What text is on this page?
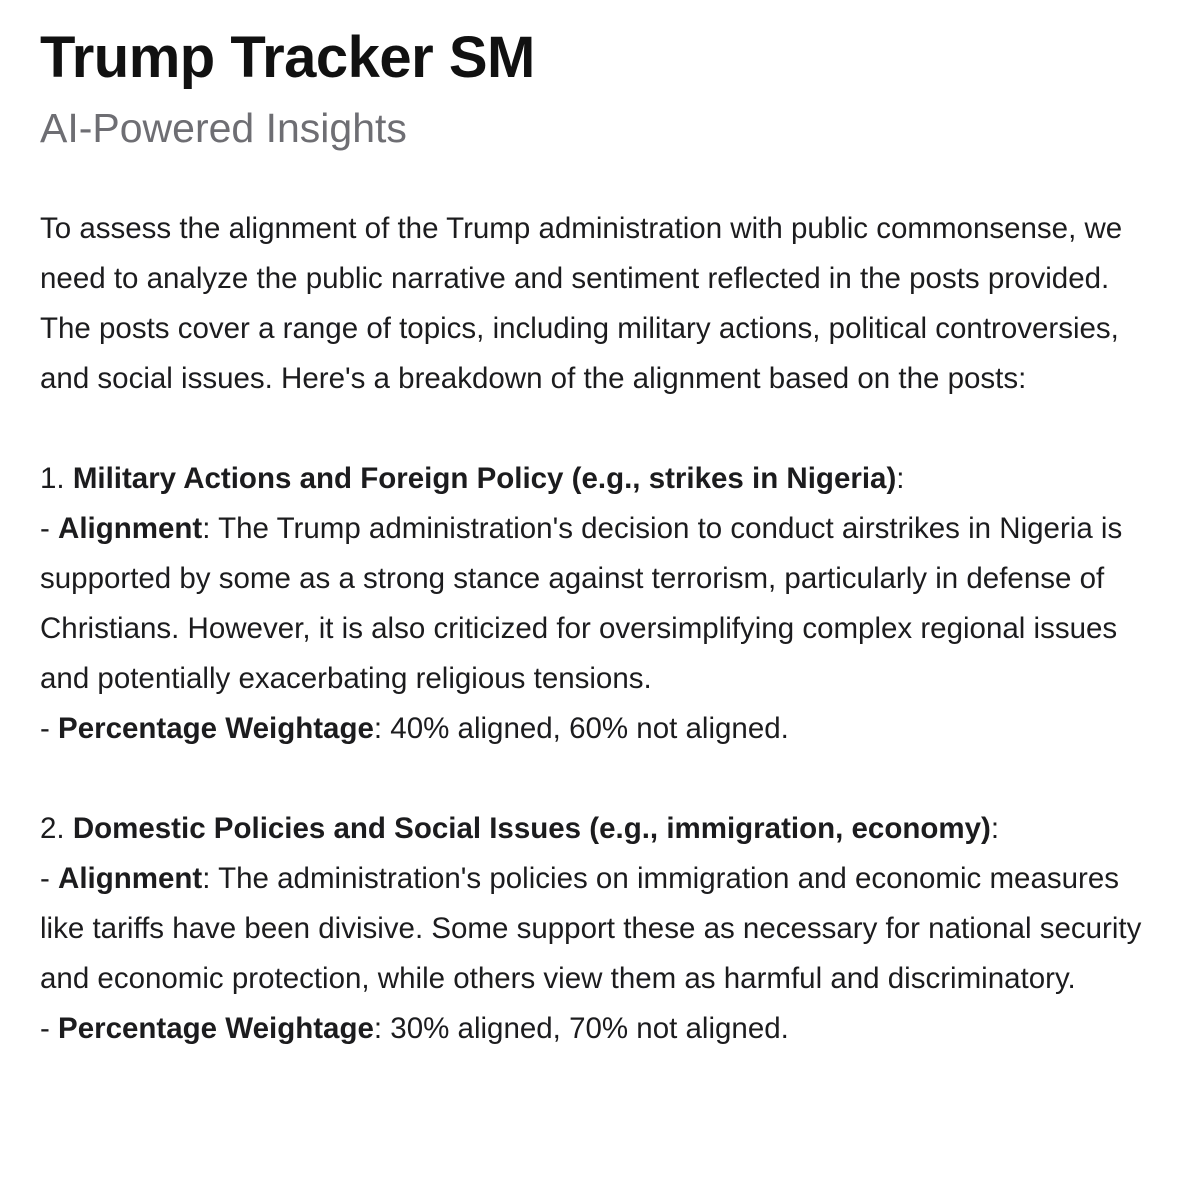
Trump Tracker SM
AI-Powered Insights

To assess the alignment of the Trump administration with public commonsense, we need to analyze the public narrative and sentiment reflected in the posts provided. The posts cover a range of topics, including military actions, political controversies, and social issues. Here's a breakdown of the alignment based on the posts:

1. Military Actions and Foreign Policy (e.g., strikes in Nigeria):
- Alignment: The Trump administration's decision to conduct airstrikes in Nigeria is supported by some as a strong stance against terrorism, particularly in defense of Christians. However, it is also criticized for oversimplifying complex regional issues and potentially exacerbating religious tensions.
- Percentage Weightage: 40% aligned, 60% not aligned.
2. Domestic Policies and Social Issues (e.g., immigration, economy):
- Alignment: The administration's policies on immigration and economic measures like tariffs have been divisive. Some support these as necessary for national security and economic protection, while others view them as harmful and discriminatory.
- Percentage Weightage: 30% aligned, 70% not aligned.
